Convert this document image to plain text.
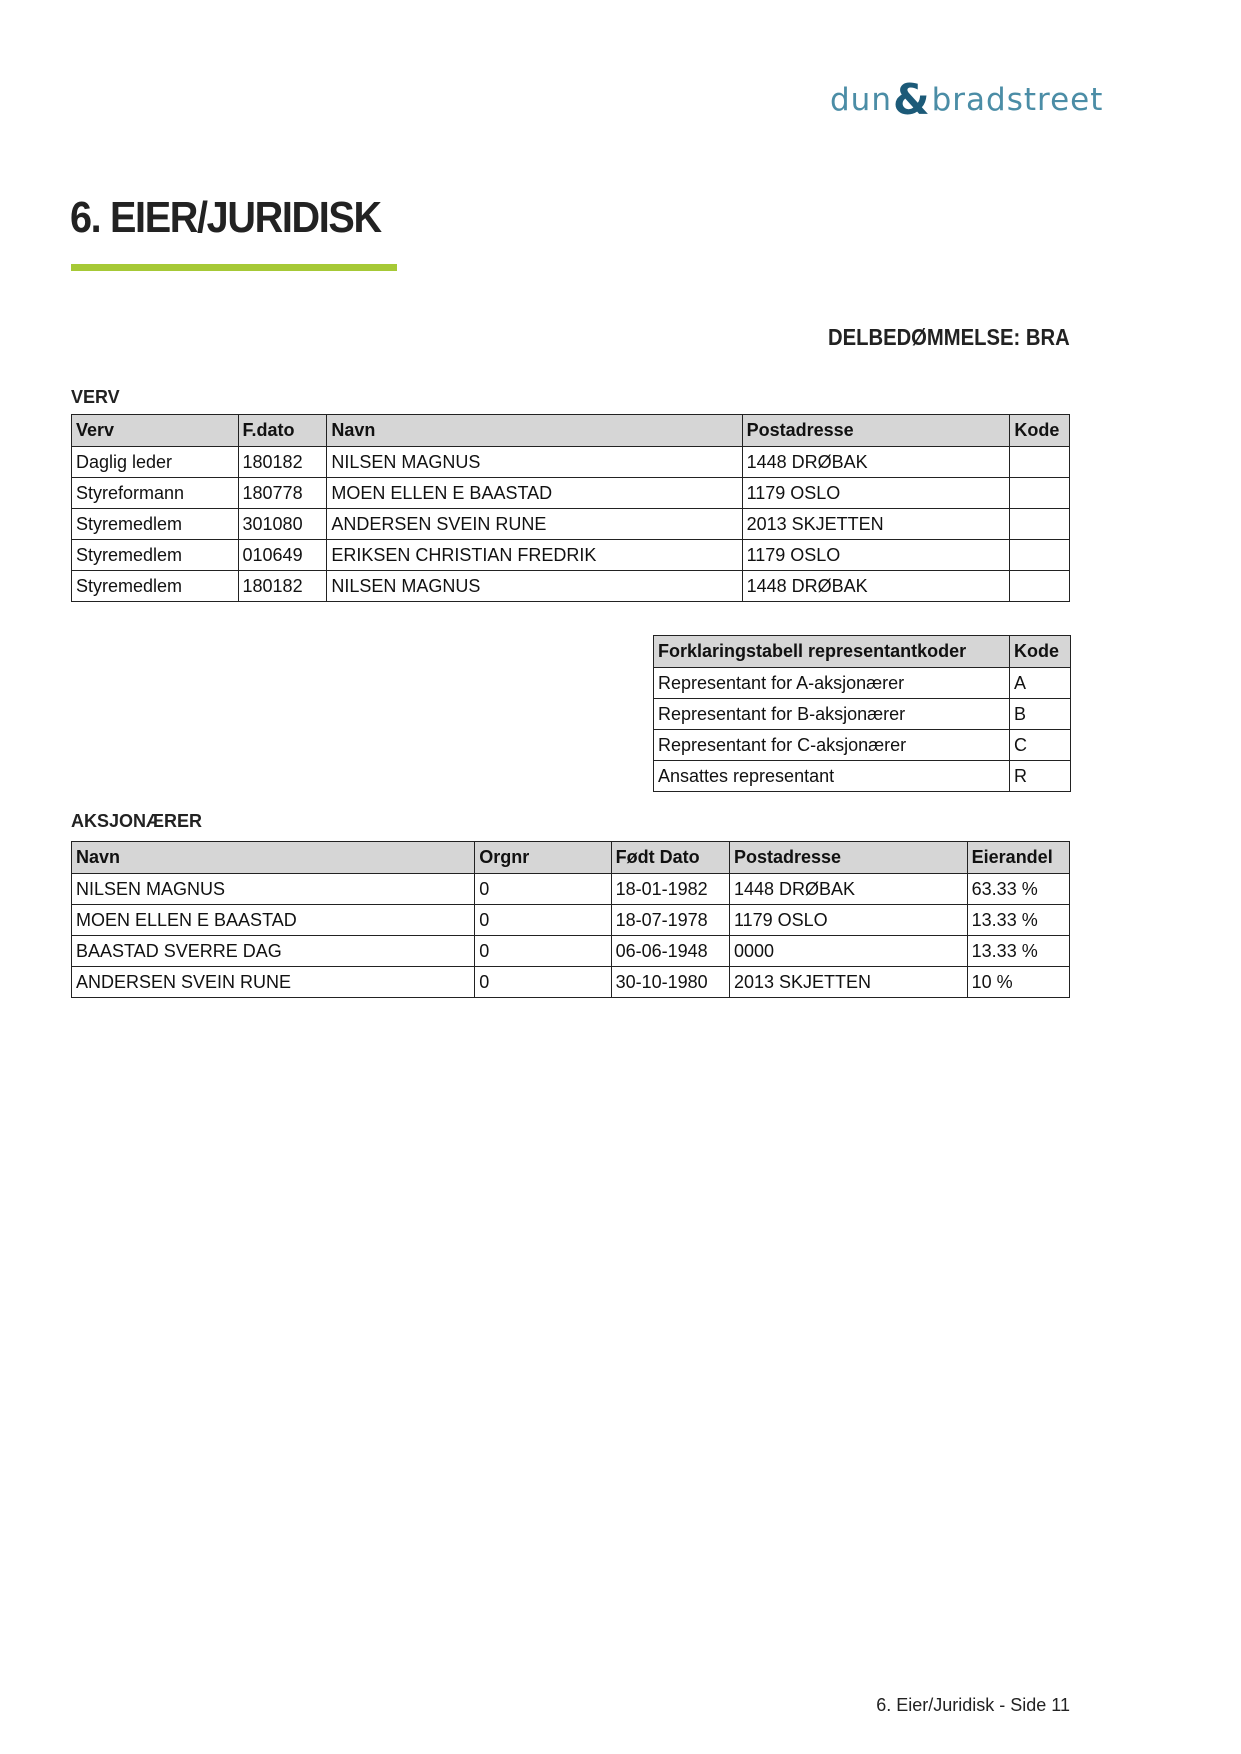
dun & bradstreet
6. EIER/JURIDISK
DELBEDØMMELSE: BRA
VERV
Verv	F.dato	Navn	Postadresse	Kode
Daglig leder	180182	NILSEN MAGNUS	1448 DRØBAK	
Styreformann	180778	MOEN ELLEN E BAASTAD	1179 OSLO	
Styremedlem	301080	ANDERSEN SVEIN RUNE	2013 SKJETTEN	
Styremedlem	010649	ERIKSEN CHRISTIAN FREDRIK	1179 OSLO	
Styremedlem	180182	NILSEN MAGNUS	1448 DRØBAK	
Forklaringstabell representantkoder	Kode
Representant for A-aksjonærer	A
Representant for B-aksjonærer	B
Representant for C-aksjonærer	C
Ansattes representant	R
AKSJONÆRER
Navn	Orgnr	Født Dato	Postadresse	Eierandel
NILSEN MAGNUS	0	18-01-1982	1448 DRØBAK	63.33 %
MOEN ELLEN E BAASTAD	0	18-07-1978	1179 OSLO	13.33 %
BAASTAD SVERRE DAG	0	06-06-1948	0000	13.33 %
ANDERSEN SVEIN RUNE	0	30-10-1980	2013 SKJETTEN	10 %
6. Eier/Juridisk - Side 11
